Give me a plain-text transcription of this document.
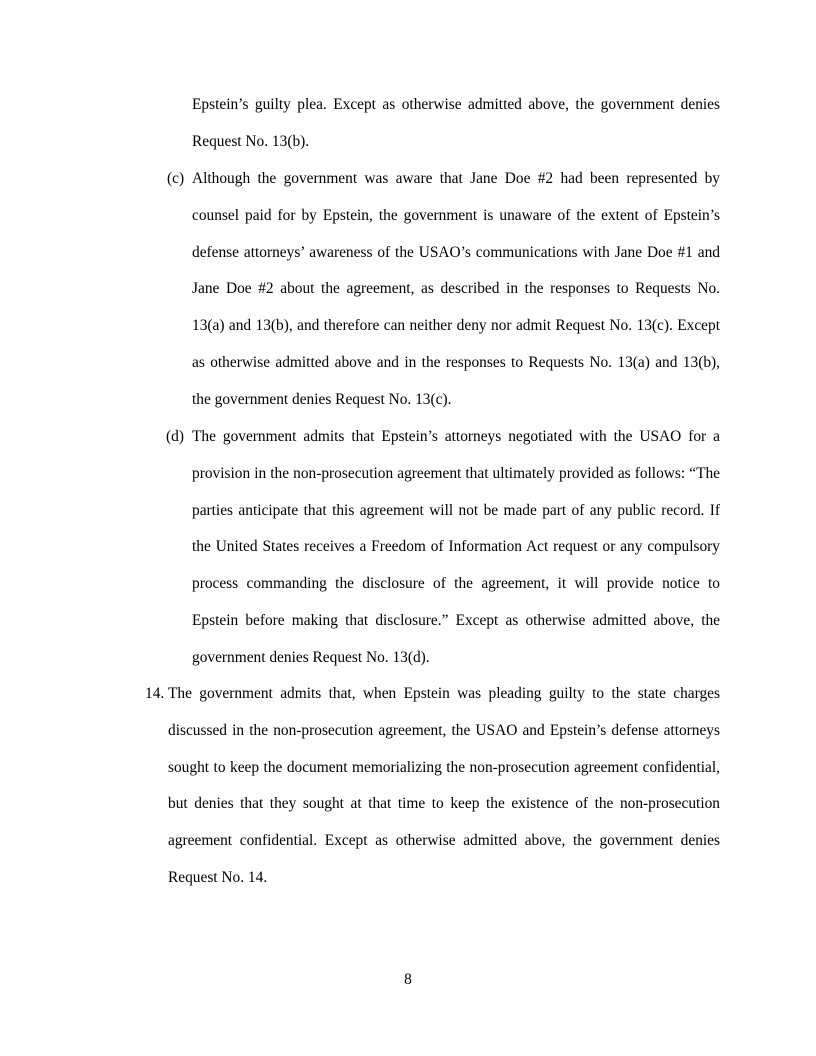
Epstein’s guilty plea. Except as otherwise admitted above, the government denies Request No. 13(b).
(c) Although the government was aware that Jane Doe #2 had been represented by counsel paid for by Epstein, the government is unaware of the extent of Epstein’s defense attorneys’ awareness of the USAO’s communications with Jane Doe #1 and Jane Doe #2 about the agreement, as described in the responses to Requests No. 13(a) and 13(b), and therefore can neither deny nor admit Request No. 13(c). Except as otherwise admitted above and in the responses to Requests No. 13(a) and 13(b), the government denies Request No. 13(c).
(d) The government admits that Epstein’s attorneys negotiated with the USAO for a provision in the non-prosecution agreement that ultimately provided as follows: “The parties anticipate that this agreement will not be made part of any public record. If the United States receives a Freedom of Information Act request or any compulsory process commanding the disclosure of the agreement, it will provide notice to Epstein before making that disclosure.” Except as otherwise admitted above, the government denies Request No. 13(d).
14. The government admits that, when Epstein was pleading guilty to the state charges discussed in the non-prosecution agreement, the USAO and Epstein’s defense attorneys sought to keep the document memorializing the non-prosecution agreement confidential, but denies that they sought at that time to keep the existence of the non-prosecution agreement confidential. Except as otherwise admitted above, the government denies Request No. 14.
8
